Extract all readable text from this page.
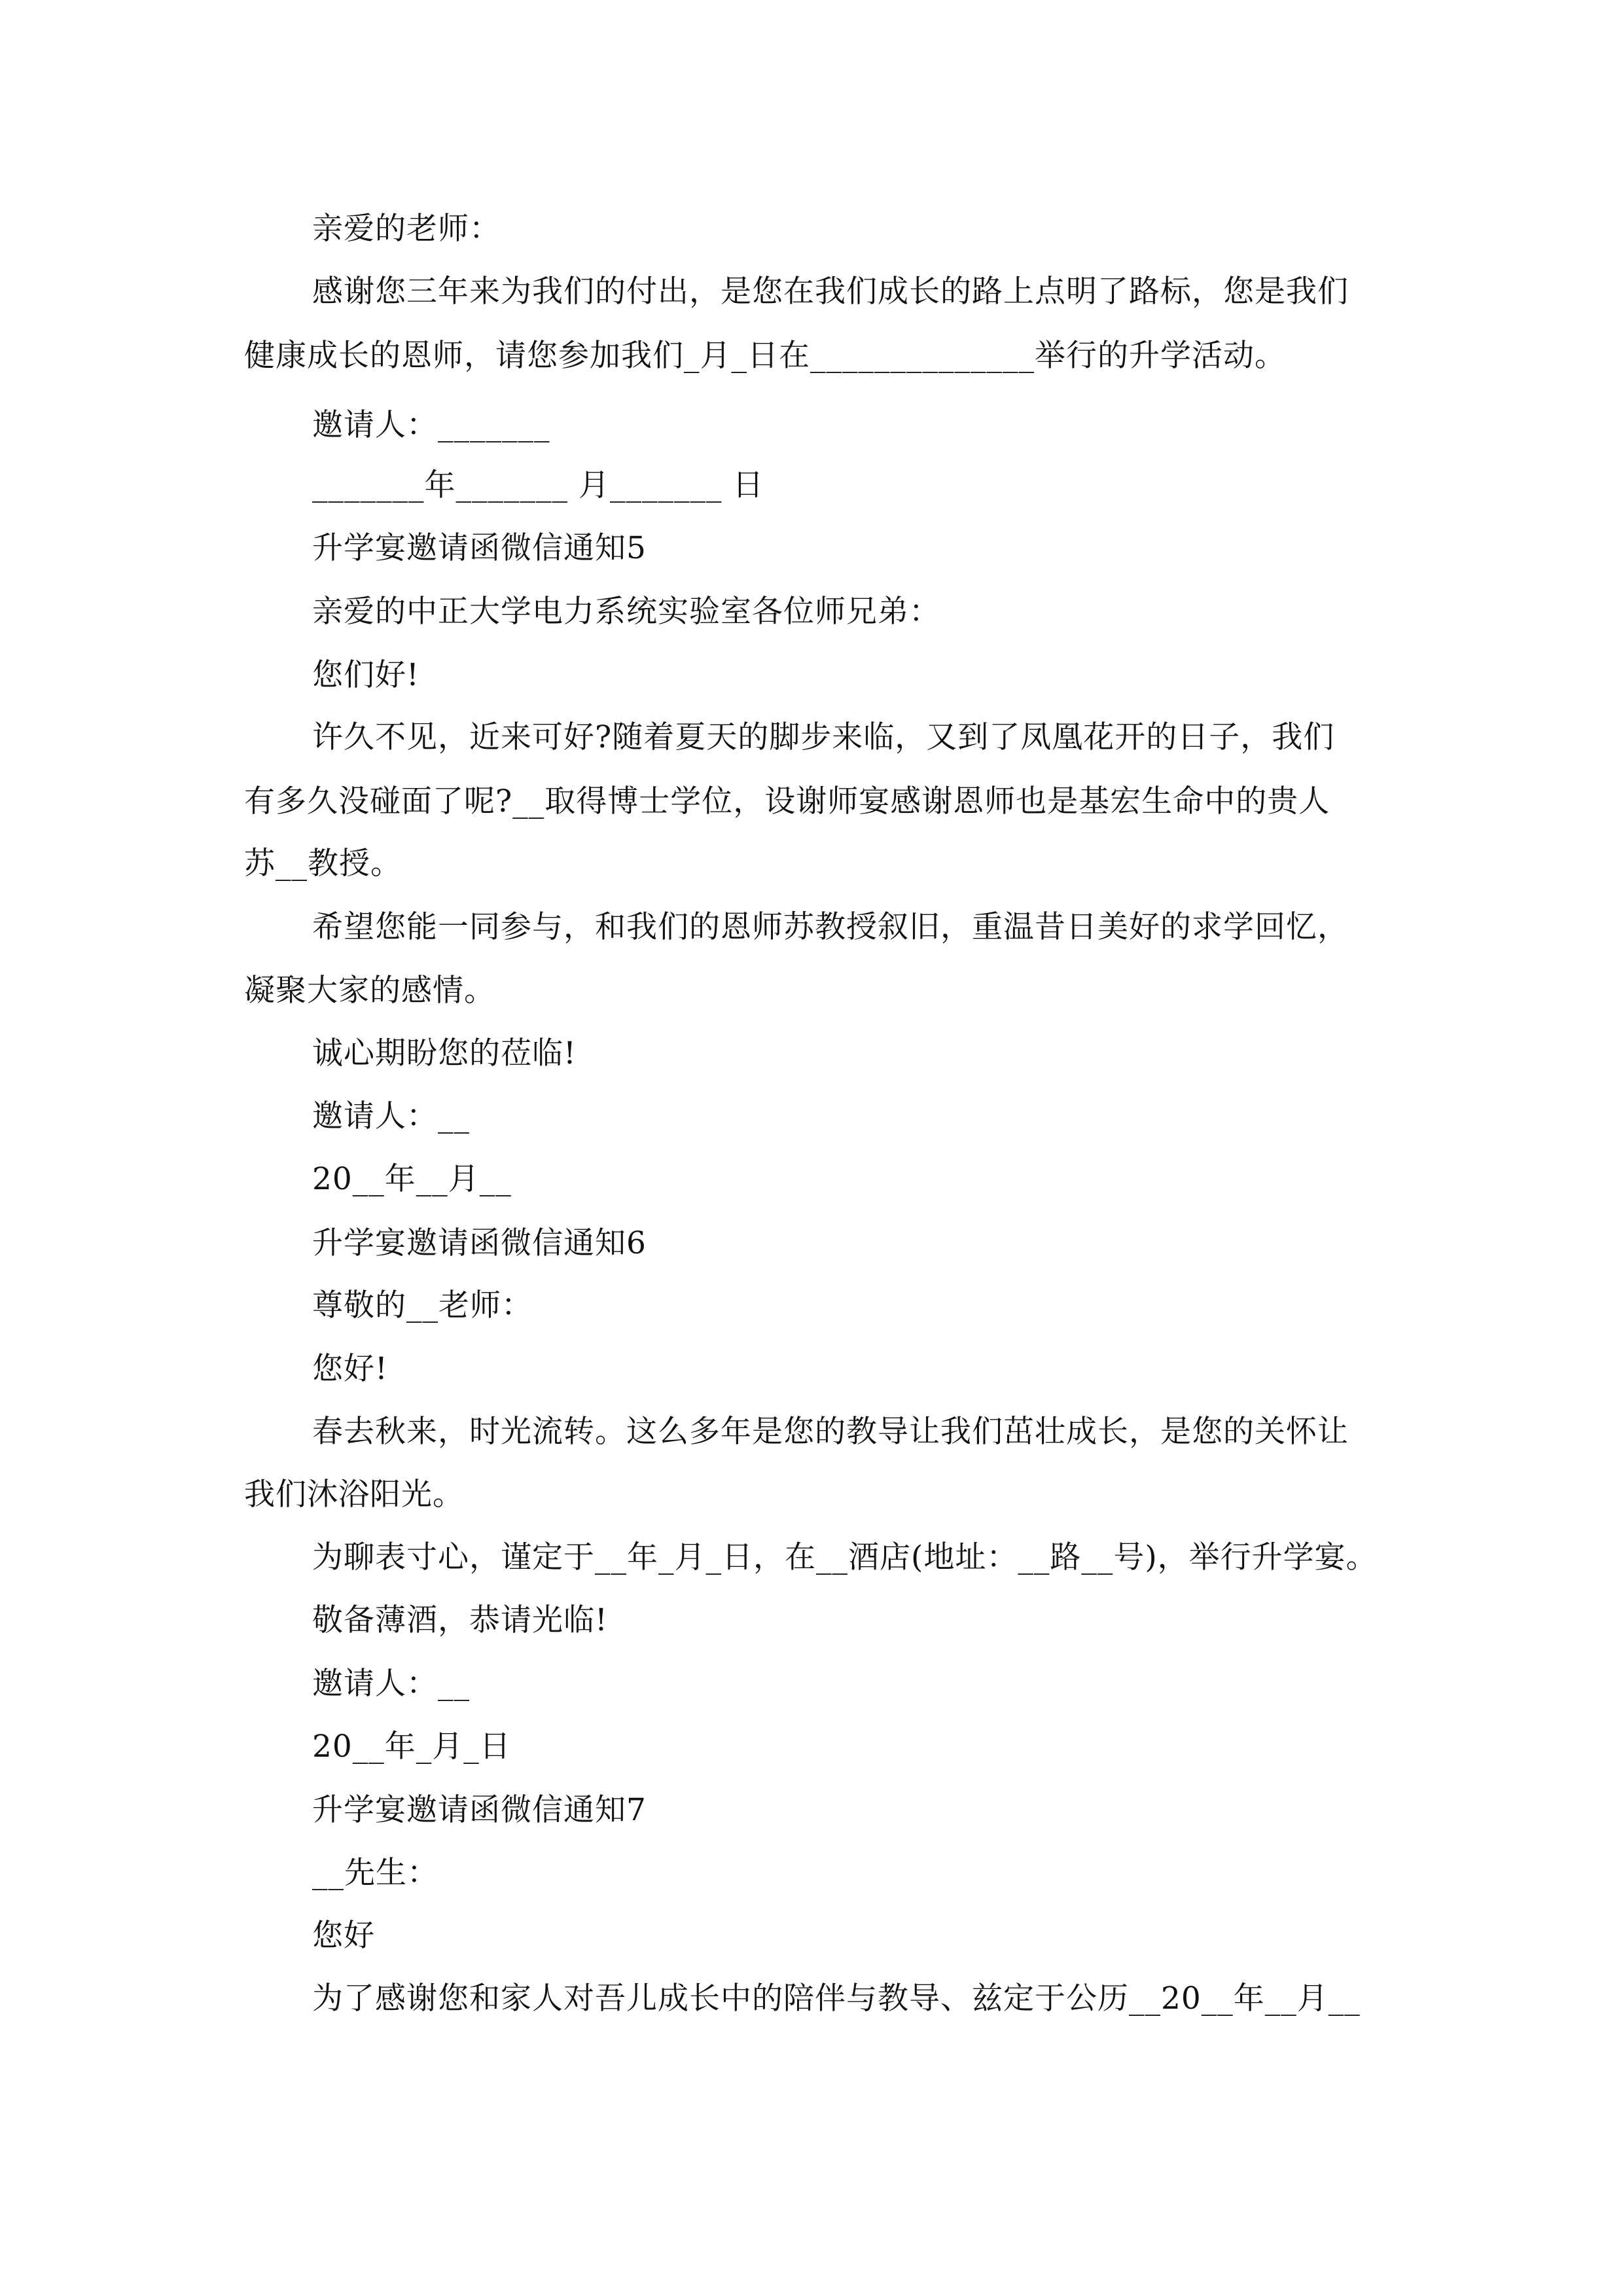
亲爱的老师：
感谢您三年来为我们的付出，是您在我们成长的路上点明了路标，您是我们
健康成长的恩师，请您参加我们_月_日在______________举行的升学活动。
邀请人：_______
_______年_______ 月_______ 日
升学宴邀请函微信通知5
亲爱的中正大学电力系统实验室各位师兄弟：
您们好!
许久不见，近来可好?随着夏天的脚步来临，又到了凤凰花开的日子，我们
有多久没碰面了呢?__取得博士学位，设谢师宴感谢恩师也是基宏生命中的贵人
苏__教授。
希望您能一同参与，和我们的恩师苏教授叙旧，重温昔日美好的求学回忆，
凝聚大家的感情。
诚心期盼您的莅临!
邀请人：__
20__年__月__
升学宴邀请函微信通知6
尊敬的__老师：
您好!
春去秋来，时光流转。这么多年是您的教导让我们茁壮成长，是您的关怀让
我们沐浴阳光。
为聊表寸心，谨定于__年_月_日，在__酒店(地址：__路__号)，举行升学宴。
敬备薄酒，恭请光临!
邀请人：__
20__年_月_日
升学宴邀请函微信通知7
__先生：
您好
为了感谢您和家人对吾儿成长中的陪伴与教导、兹定于公历__20__年__月__
